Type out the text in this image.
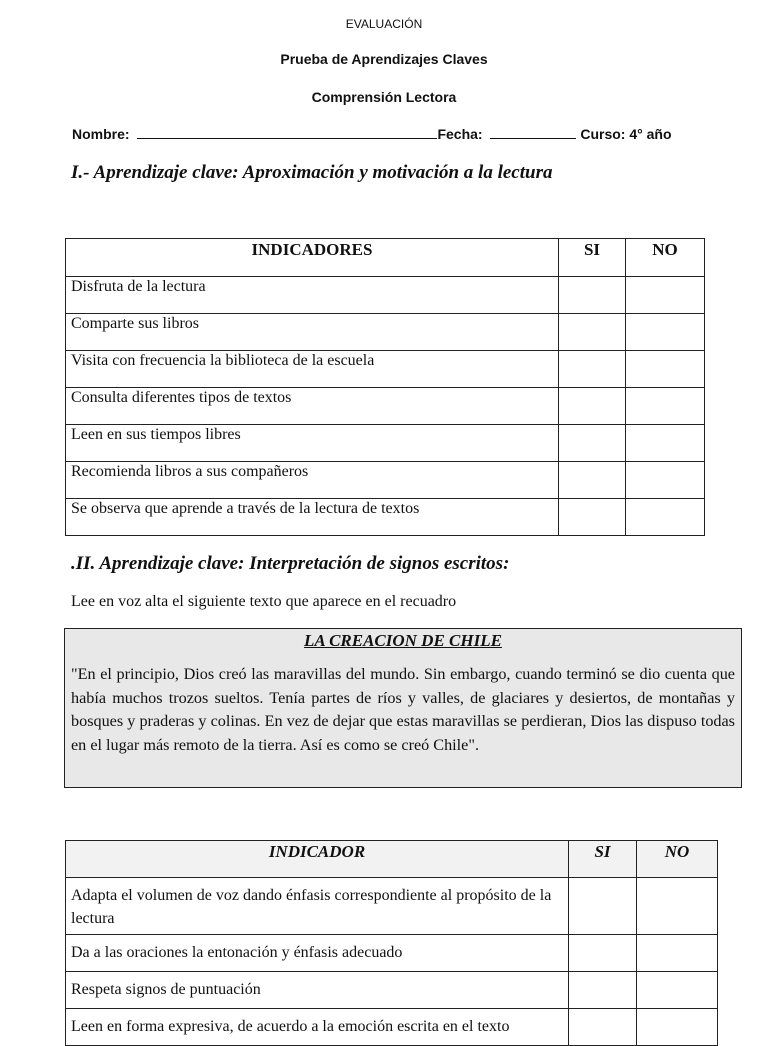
EVALUACIÓN
Prueba de Aprendizajes Claves
Comprensión Lectora
Nombre:	Fecha:	Curso: 4° año
I.- Aprendizaje clave: Aproximación y motivación a la lectura
INDICADORES	SI	NO
Disfruta de la lectura		
Comparte sus libros		
Visita con frecuencia la biblioteca de la escuela		
Consulta diferentes tipos de textos		
Leen en sus tiempos libres		
Recomienda libros a sus compañeros		
Se observa que aprende a través de la lectura de textos		
.II. Aprendizaje clave: Interpretación de signos escritos:
Lee en voz alta el siguiente texto que aparece en el recuadro
LA CREACION DE CHILE
"En el principio, Dios creó las maravillas del mundo. Sin embargo, cuando terminó se dio cuenta que había muchos trozos sueltos. Tenía partes de ríos y valles, de glaciares y desiertos, de montañas y bosques y praderas y colinas. En vez de dejar que estas maravillas se perdieran, Dios las dispuso todas en el lugar más remoto de la tierra. Así es como se creó Chile".
INDICADOR	SI	NO
Adapta el volumen de voz dando énfasis correspondiente al propósito de la lectura		
Da a las oraciones la entonación y énfasis adecuado		
Respeta signos de puntuación		
Leen en forma expresiva, de acuerdo a la emoción escrita en el texto		
